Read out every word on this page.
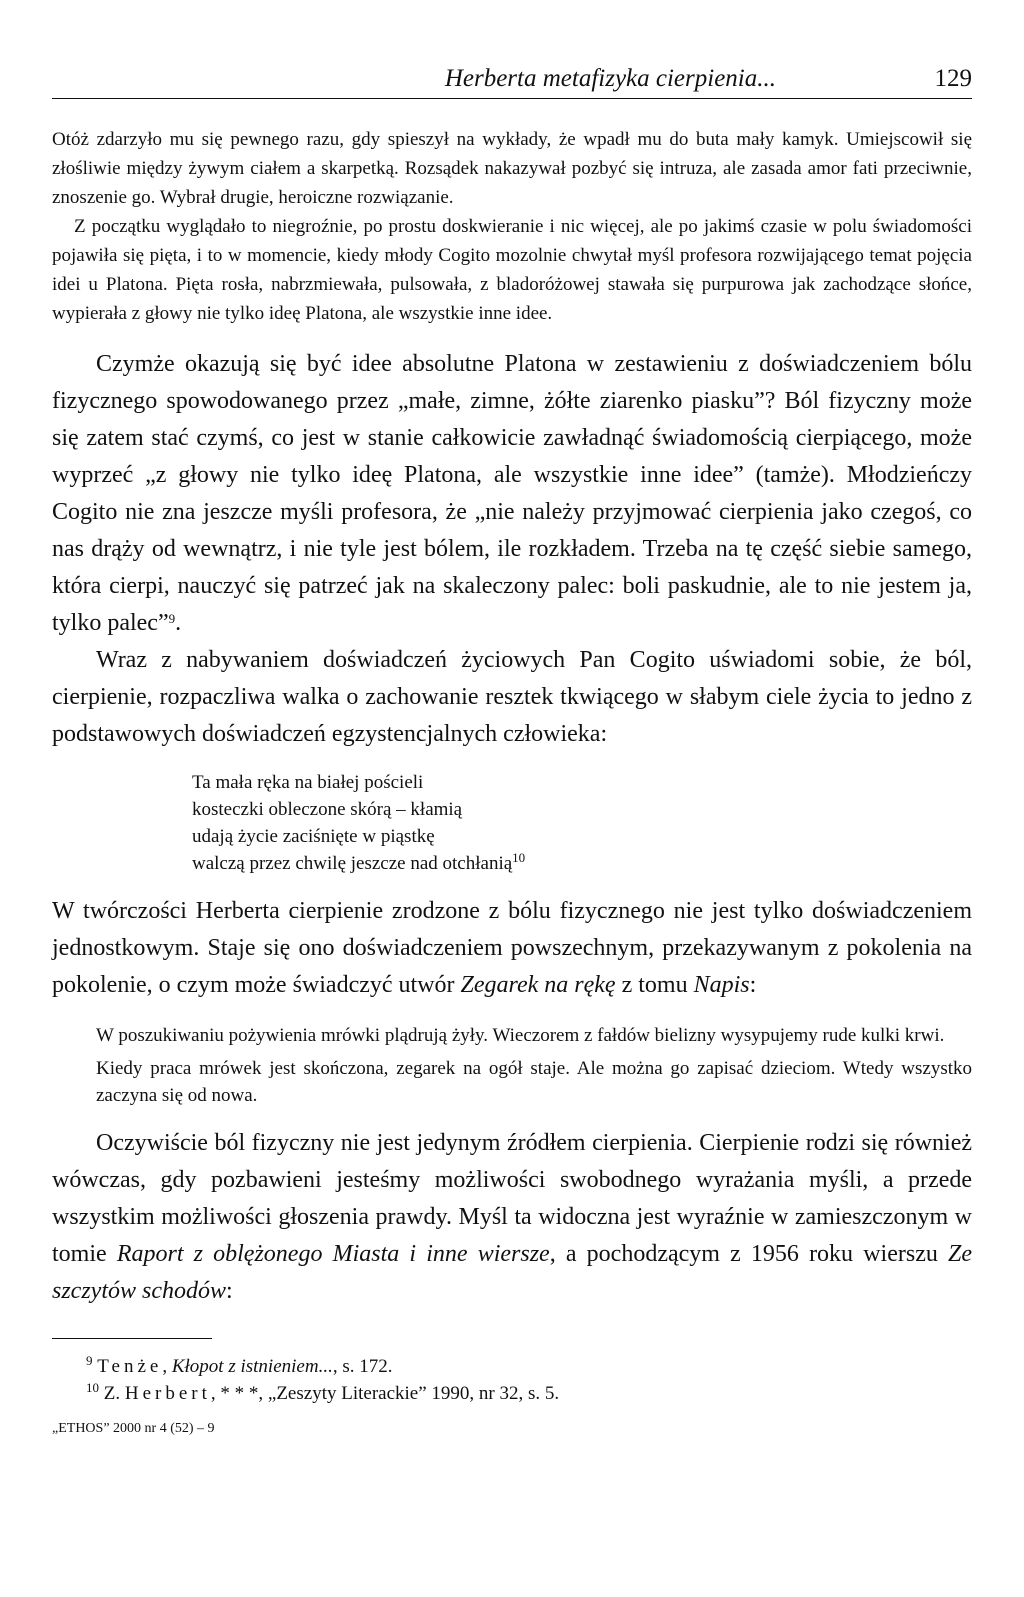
Herberta metafizyka cierpienia...	129

Otóż zdarzyło mu się pewnego razu, gdy spieszył na wykłady, że wpadł mu do buta mały kamyk. Umiejscowił się złośliwie między żywym ciałem a skarpetką. Rozsądek nakazywał pozbyć się intruza, ale zasada amor fati przeciwnie, znoszenie go. Wybrał drugie, heroiczne rozwiązanie.

Z początku wyglądało to niegroźnie, po prostu doskwieranie i nic więcej, ale po jakimś czasie w polu świadomości pojawiła się pięta, i to w momencie, kiedy młody Cogito mozolnie chwytał myśl profesora rozwijającego temat pojęcia idei u Platona. Pięta rosła, nabrzmiewała, pulsowała, z bladoróżowej stawała się purpurowa jak zachodzące słońce, wypierała z głowy nie tylko ideę Platona, ale wszystkie inne idee.

Czymże okazują się być idee absolutne Platona w zestawieniu z doświadczeniem bólu fizycznego spowodowanego przez „małe, zimne, żółte ziarenko piasku”? Ból fizyczny może się zatem stać czymś, co jest w stanie całkowicie zawładnąć świadomością cierpiącego, może wyprzeć „z głowy nie tylko ideę Platona, ale wszystkie inne idee” (tamże). Młodzieńczy Cogito nie zna jeszcze myśli profesora, że „nie należy przyjmować cierpienia jako czegoś, co nas drąży od wewnątrz, i nie tyle jest bólem, ile rozkładem. Trzeba na tę część siebie samego, która cierpi, nauczyć się patrzeć jak na skaleczony palec: boli paskudnie, ale to nie jestem ja, tylko palec”$^9$.

Wraz z nabywaniem doświadczeń życiowych Pan Cogito uświadomi sobie, że ból, cierpienie, rozpaczliwa walka o zachowanie resztek tkwiącego w słabym ciele życia to jedno z podstawowych doświadczeń egzystencjalnych człowieka:

Ta mała ręka na białej pościeli
kosteczki obleczone skórą – kłamią
udają życie zaciśnięte w piąstkę
walczą przez chwilę jeszcze nad otchłanią$^{10}$
W twórczości Herberta cierpienie zrodzone z bólu fizycznego nie jest tylko doświadczeniem jednostkowym. Staje się ono doświadczeniem powszechnym, przekazywanym z pokolenia na pokolenie, o czym może świadczyć utwór Zegarek na rękę z tomu Napis:

W poszukiwaniu pożywienia mrówki plądrują żyły. Wieczorem z fałdów bielizny wysypujemy rude kulki krwi.

Kiedy praca mrówek jest skończona, zegarek na ogół staje. Ale można go zapisać dzieciom. Wtedy wszystko zaczyna się od nowa.

Oczywiście ból fizyczny nie jest jedynym źródłem cierpienia. Cierpienie rodzi się również wówczas, gdy pozbawieni jesteśmy możliwości swobodnego wyrażania myśli, a przede wszystkim możliwości głoszenia prawdy. Myśl ta widoczna jest wyraźnie w zamieszczonym w tomie Raport z oblężonego Miasta i inne wiersze, a pochodzącym z 1956 roku wierszu Ze szczytów schodów:
$^9$ Tenże, Kłopot z istnieniem..., s. 172.
$^{10}$ Z. Herbert, * * *, „Zeszyty Literackie” 1990, nr 32, s. 5.
„ETHOS” 2000 nr 4 (52) – 9
